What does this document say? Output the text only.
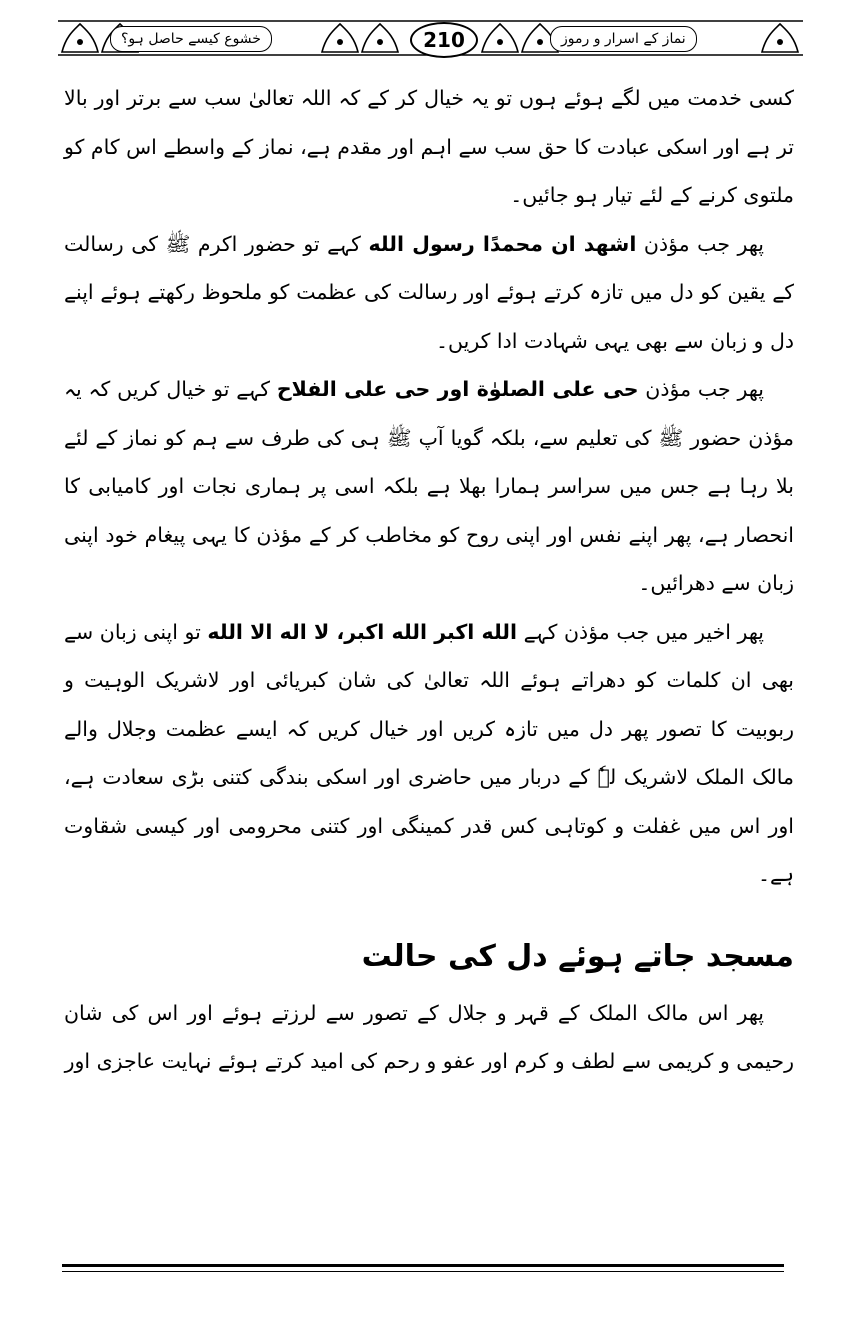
نماز کے اسرار و رموز
210
خشوع کیسے حاصل ہو؟

کسی خدمت میں لگے ہوئے ہوں تو یہ خیال کر کے کہ اللہ تعالیٰ سب سے برتر اور بالا تر ہے اور اسکی عبادت کا حق سب سے اہم اور مقدم ہے، نماز کے واسطے اس کام کو ملتوی کرنے کے لئے تیار ہو جائیں۔

پھر جب مؤذن اشهد ان محمدًا رسول الله کہے تو حضور اکرم ﷺ کی رسالت کے یقین کو دل میں تازہ کرتے ہوئے اور رسالت کی عظمت کو ملحوظ رکھتے ہوئے اپنے دل و زبان سے بھی یہی شہادت ادا کریں۔

پھر جب مؤذن حی علی الصلوٰة اور حی علی الفلاح کہے تو خیال کریں کہ یہ مؤذن حضور ﷺ کی تعلیم سے، بلکہ گویا آپ ﷺ ہی کی طرف سے ہم کو نماز کے لئے بلا رہا ہے جس میں سراسر ہمارا بھلا ہے بلکہ اسی پر ہماری نجات اور کامیابی کا انحصار ہے، پھر اپنے نفس اور اپنی روح کو مخاطب کر کے مؤذن کا یہی پیغام خود اپنی زبان سے دھرائیں۔

پھر اخیر میں جب مؤذن کہے الله اکبر الله اکبر، لا اله الا الله تو اپنی زبان سے بھی ان کلمات کو دھراتے ہوئے اللہ تعالیٰ کی شان کبریائی اور لاشریک الوہیت و ربوبیت کا تصور پھر دل میں تازہ کریں اور خیال کریں کہ ایسے عظمت وجلال والے مالک الملک لاشریک لہٗ کے دربار میں حاضری اور اسکی بندگی کتنی بڑی سعادت ہے، اور اس میں غفلت و کوتاہی کس قدر کمینگی اور کتنی محرومی اور کیسی شقاوت ہے۔

مسجد جاتے ہوئے دل کی حالت

پھر اس مالک الملک کے قہر و جلال کے تصور سے لرزتے ہوئے اور اس کی شان رحیمی و کریمی سے لطف و کرم اور عفو و رحم کی امید کرتے ہوئے نہایت عاجزی اور
